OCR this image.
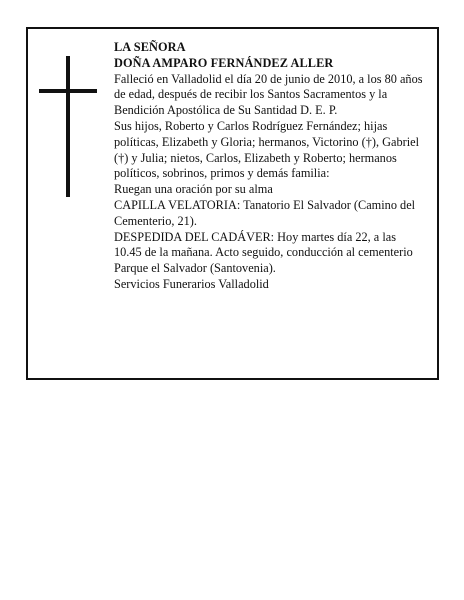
LA SEÑORA

DOÑA AMPARO FERNÁNDEZ ALLER

Falleció en Valladolid el día 20 de junio de 2010, a los 80 años de edad, después de recibir los Santos Sacramentos y la Bendición Apostólica de Su Santidad D. E. P.

Sus hijos, Roberto y Carlos Rodríguez Fernández; hijas políticas, Elizabeth y Gloria; hermanos, Victorino (†), Gabriel (†) y Julia; nietos, Carlos, Elizabeth y Roberto; hermanos políticos, sobrinos, primos y demás familia:

Ruegan una oración por su alma

CAPILLA VELATORIA: Tanatorio El Salvador (Camino del Cementerio, 21).

DESPEDIDA DEL CADÁVER: Hoy martes día 22, a las 10.45 de la mañana. Acto seguido, conducción al cementerio Parque el Salvador (Santovenia).

Servicios Funerarios Valladolid
